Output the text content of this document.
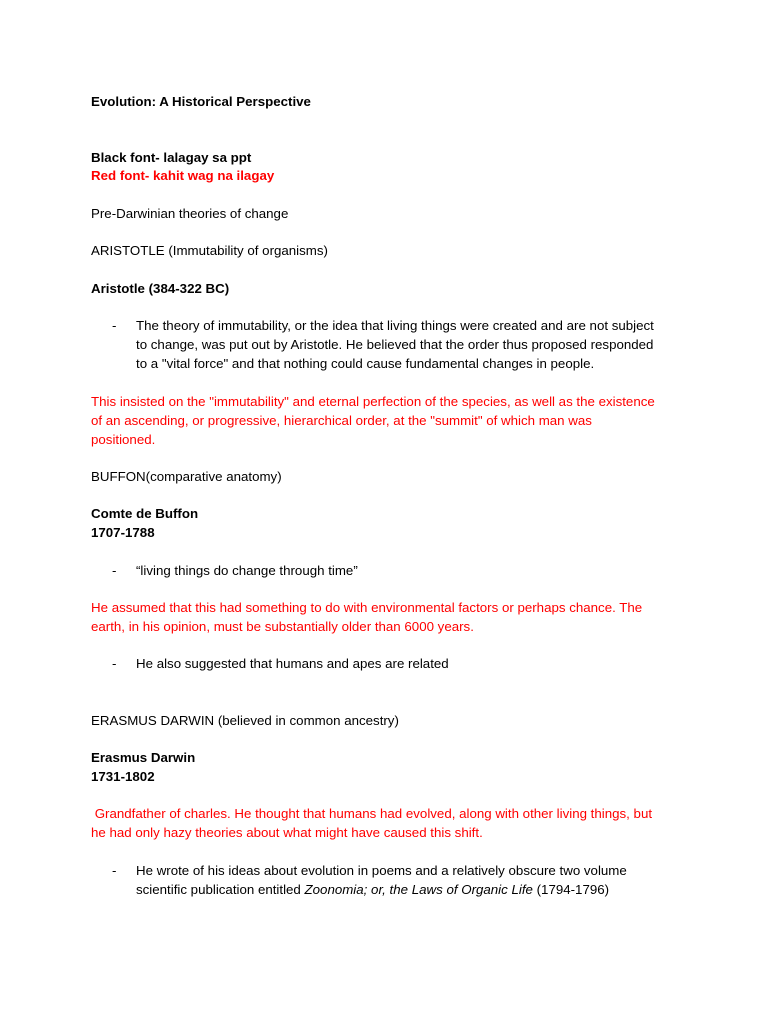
Evolution: A Historical Perspective
Black font- lalagay sa ppt
Red font- kahit wag na ilagay
Pre-Darwinian theories of change
ARISTOTLE (Immutability of organisms)
Aristotle (384-322 BC)
- The theory of immutability, or the idea that living things were created and are not subject
to change, was put out by Aristotle. He believed that the order thus proposed responded
to a "vital force" and that nothing could cause fundamental changes in people.
This insisted on the "immutability" and eternal perfection of the species, as well as the existence
of an ascending, or progressive, hierarchical order, at the "summit" of which man was
positioned.
BUFFON(comparative anatomy)
Comte de Buffon
1707-1788
- “living things do change through time”
He assumed that this had something to do with environmental factors or perhaps chance. The
earth, in his opinion, must be substantially older than 6000 years.
- He also suggested that humans and apes are related
ERASMUS DARWIN (believed in common ancestry)
Erasmus Darwin
1731-1802
Grandfather of charles. He thought that humans had evolved, along with other living things, but
he had only hazy theories about what might have caused this shift.
- He wrote of his ideas about evolution in poems and a relatively obscure two volume
scientific publication entitled Zoonomia; or, the Laws of Organic Life (1794-1796)
